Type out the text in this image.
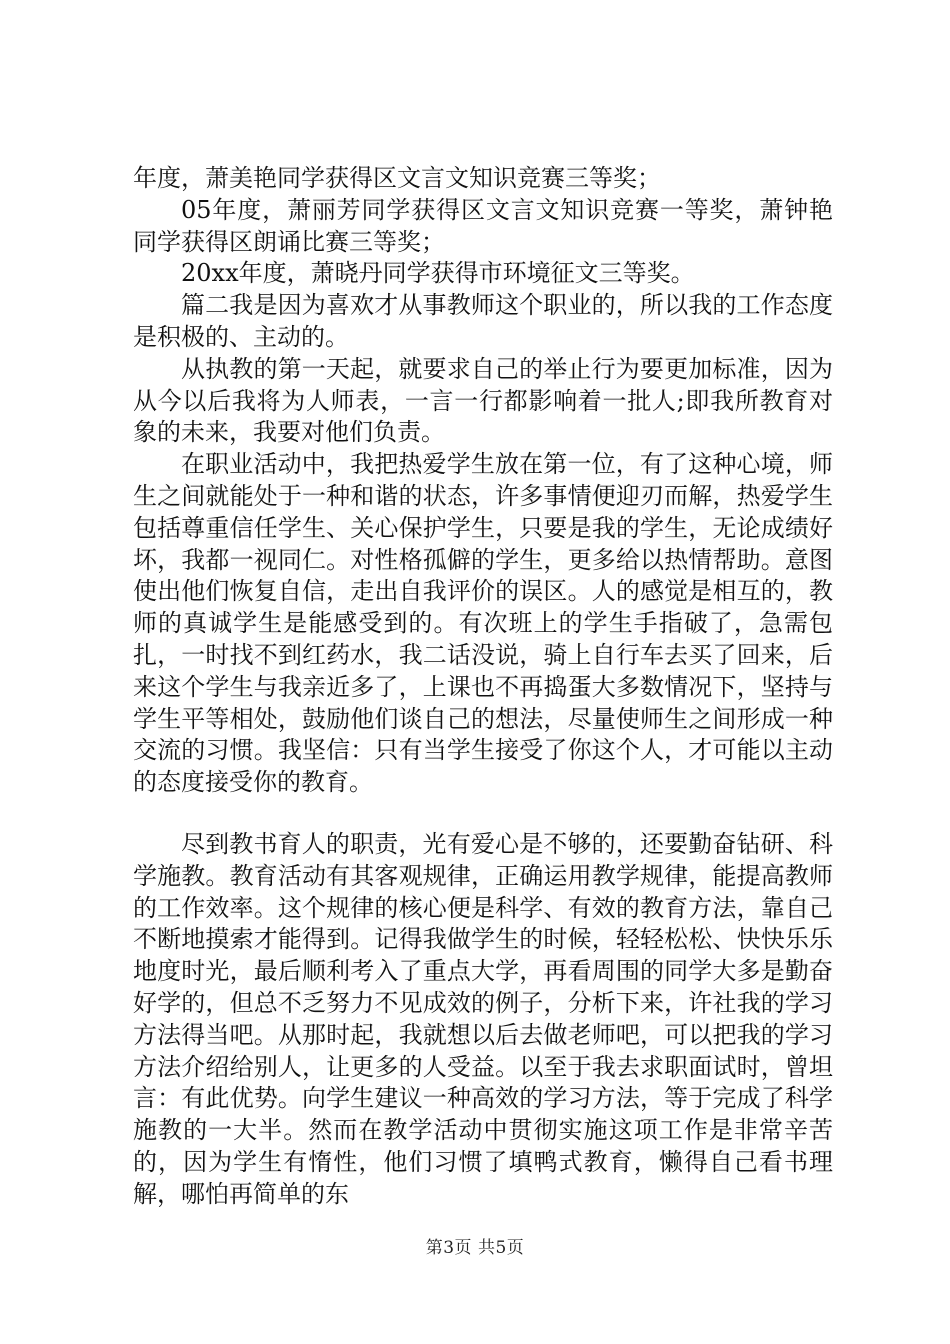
年度，萧美艳同学获得区文言文知识竞赛三等奖；

05年度，萧丽芳同学获得区文言文知识竞赛一等奖，萧钟艳同学获得区朗诵比赛三等奖；

20xx年度，萧晓丹同学获得市环境征文三等奖。

篇二我是因为喜欢才从事教师这个职业的，所以我的工作态度是积极的、主动的。

从执教的第一天起，就要求自己的举止行为要更加标准，因为从今以后我将为人师表，一言一行都影响着一批人;即我所教育对象的未来，我要对他们负责。

在职业活动中，我把热爱学生放在第一位，有了这种心境，师生之间就能处于一种和谐的状态，许多事情便迎刃而解，热爱学生包括尊重信任学生、关心保护学生，只要是我的学生，无论成绩好坏，我都一视同仁。对性格孤僻的学生，更多给以热情帮助。意图使出他们恢复自信，走出自我评价的误区。人的感觉是相互的，教师的真诚学生是能感受到的。有次班上的学生手指破了，急需包扎，一时找不到红药水，我二话没说，骑上自行车去买了回来，后来这个学生与我亲近多了，上课也不再捣蛋大多数情况下，坚持与学生平等相处，鼓励他们谈自己的想法，尽量使师生之间形成一种交流的习惯。我坚信：只有当学生接受了你这个人，才可能以主动的态度接受你的教育。

尽到教书育人的职责，光有爱心是不够的，还要勤奋钻研、科学施教。教育活动有其客观规律，正确运用教学规律，能提高教师的工作效率。这个规律的核心便是科学、有效的教育方法，靠自己不断地摸索才能得到。记得我做学生的时候，轻轻松松、快快乐乐地度时光，最后顺利考入了重点大学，再看周围的同学大多是勤奋好学的，但总不乏努力不见成效的例子，分析下来，许社我的学习方法得当吧。从那时起，我就想以后去做老师吧，可以把我的学习方法介绍给别人，让更多的人受益。以至于我去求职面试时，曾坦言：有此优势。向学生建议一种高效的学习方法，等于完成了科学施教的一大半。然而在教学活动中贯彻实施这项工作是非常辛苦的，因为学生有惰性，他们习惯了填鸭式教育，懒得自己看书理解，哪怕再简单的东

第3页 共5页
